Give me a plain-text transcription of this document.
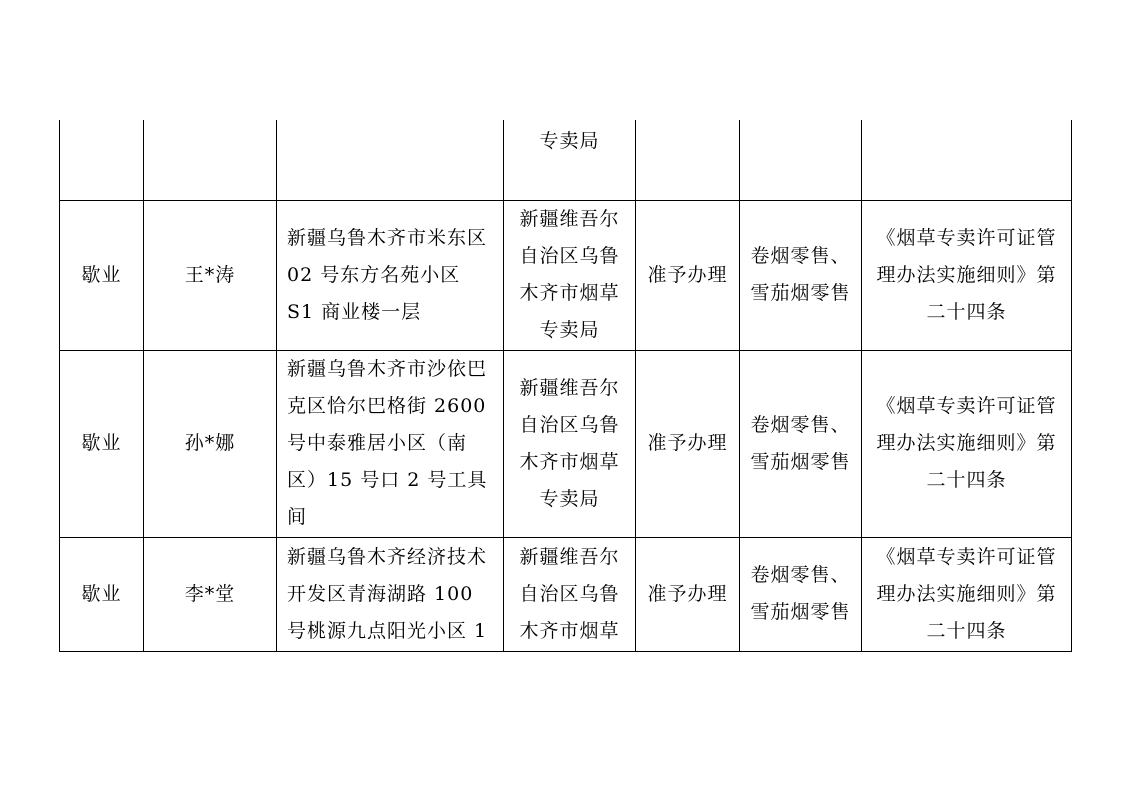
			专卖局			
歇业	王*涛	新疆乌鲁木齐市米东区 02 号东方名苑小区 S1 商业楼一层	新疆维吾尔自治区乌鲁木齐市烟草专卖局	准予办理	卷烟零售、雪茄烟零售	《烟草专卖许可证管理办法实施细则》第二十四条
歇业	孙*娜	新疆乌鲁木齐市沙依巴克区恰尔巴格街 2600 号中泰雅居小区（南区）15 号口 2 号工具间	新疆维吾尔自治区乌鲁木齐市烟草专卖局	准予办理	卷烟零售、雪茄烟零售	《烟草专卖许可证管理办法实施细则》第二十四条
歇业	李*堂	新疆乌鲁木齐经济技术开发区青海湖路 100 号桃源九点阳光小区 1	新疆维吾尔自治区乌鲁木齐市烟草	准予办理	卷烟零售、雪茄烟零售	《烟草专卖许可证管理办法实施细则》第二十四条
